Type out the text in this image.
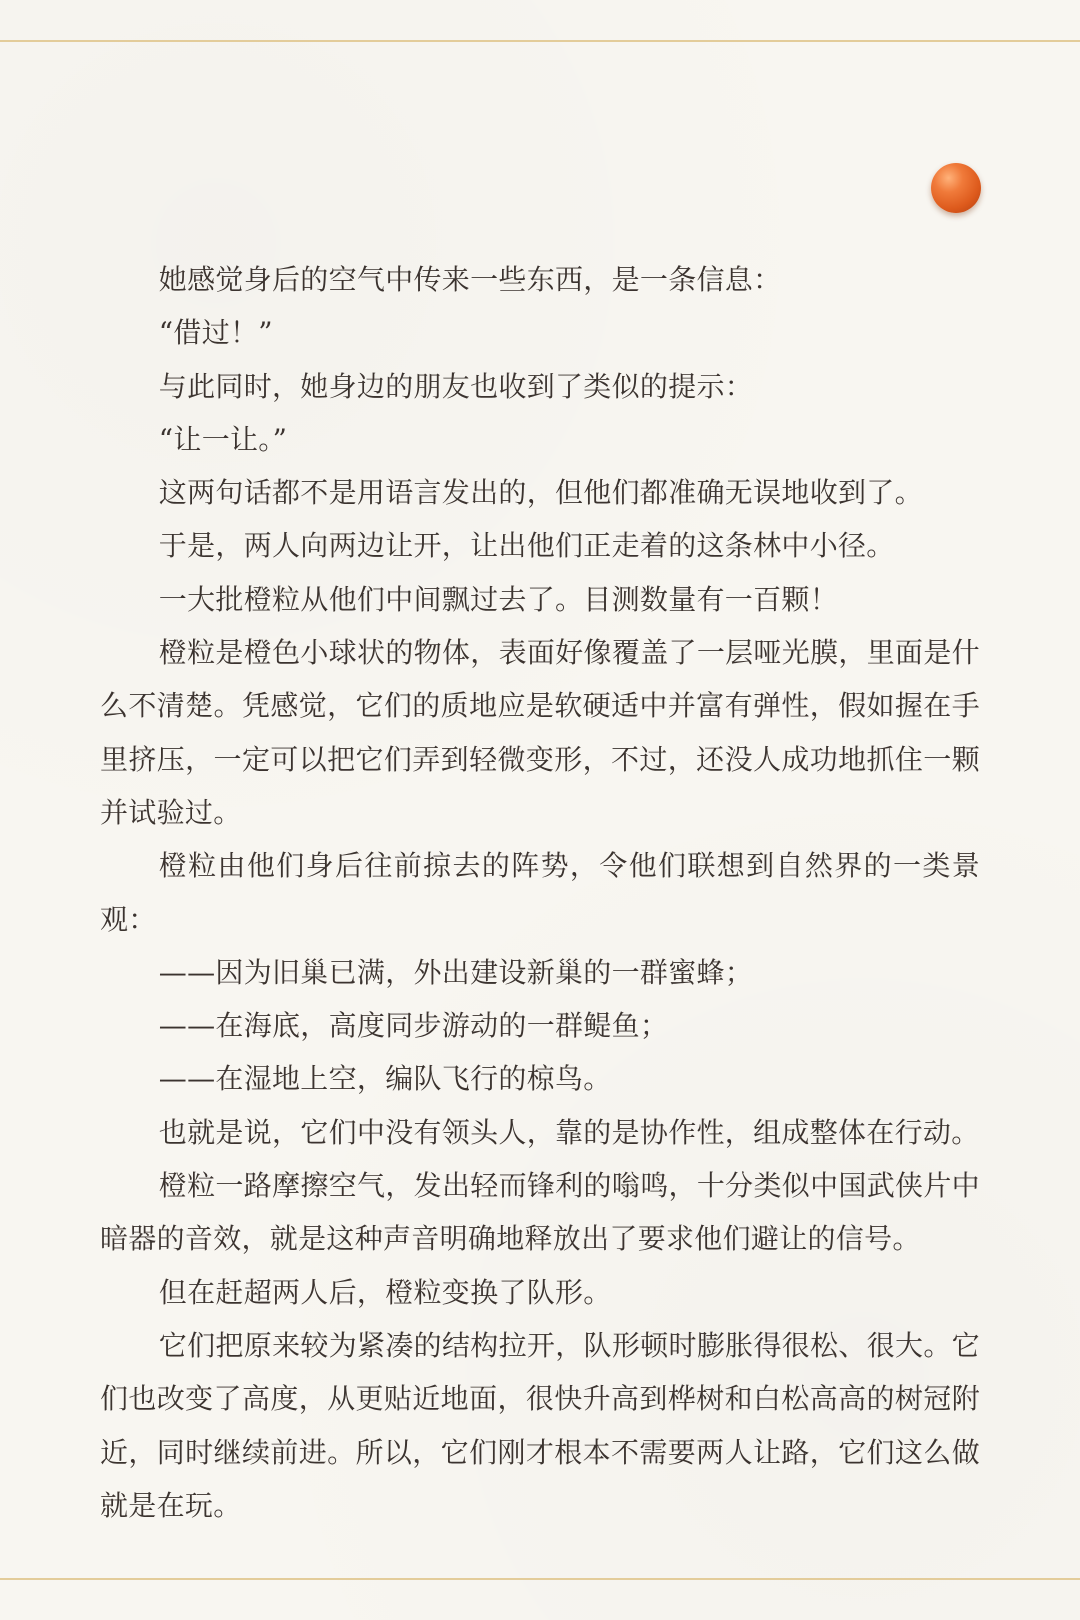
她感觉身后的空气中传来一些东西，是一条信息：

“借过！”

与此同时，她身边的朋友也收到了类似的提示：

“让一让。”

这两句话都不是用语言发出的，但他们都准确无误地收到了。

于是，两人向两边让开，让出他们正走着的这条林中小径。

一大批橙粒从他们中间飘过去了。目测数量有一百颗！

橙粒是橙色小球状的物体，表面好像覆盖了一层哑光膜，里面是什么不清楚。凭感觉，它们的质地应是软硬适中并富有弹性，假如握在手里挤压，一定可以把它们弄到轻微变形，不过，还没人成功地抓住一颗并试验过。

橙粒由他们身后往前掠去的阵势，令他们联想到自然界的一类景观：

——因为旧巢已满，外出建设新巢的一群蜜蜂；

——在海底，高度同步游动的一群鳀鱼；

——在湿地上空，编队飞行的椋鸟。

也就是说，它们中没有领头人，靠的是协作性，组成整体在行动。

橙粒一路摩擦空气，发出轻而锋利的嗡鸣，十分类似中国武侠片中暗器的音效，就是这种声音明确地释放出了要求他们避让的信号。

但在赶超两人后，橙粒变换了队形。

它们把原来较为紧凑的结构拉开，队形顿时膨胀得很松、很大。它们也改变了高度，从更贴近地面，很快升高到桦树和白松高高的树冠附近，同时继续前进。所以，它们刚才根本不需要两人让路，它们这么做就是在玩。
